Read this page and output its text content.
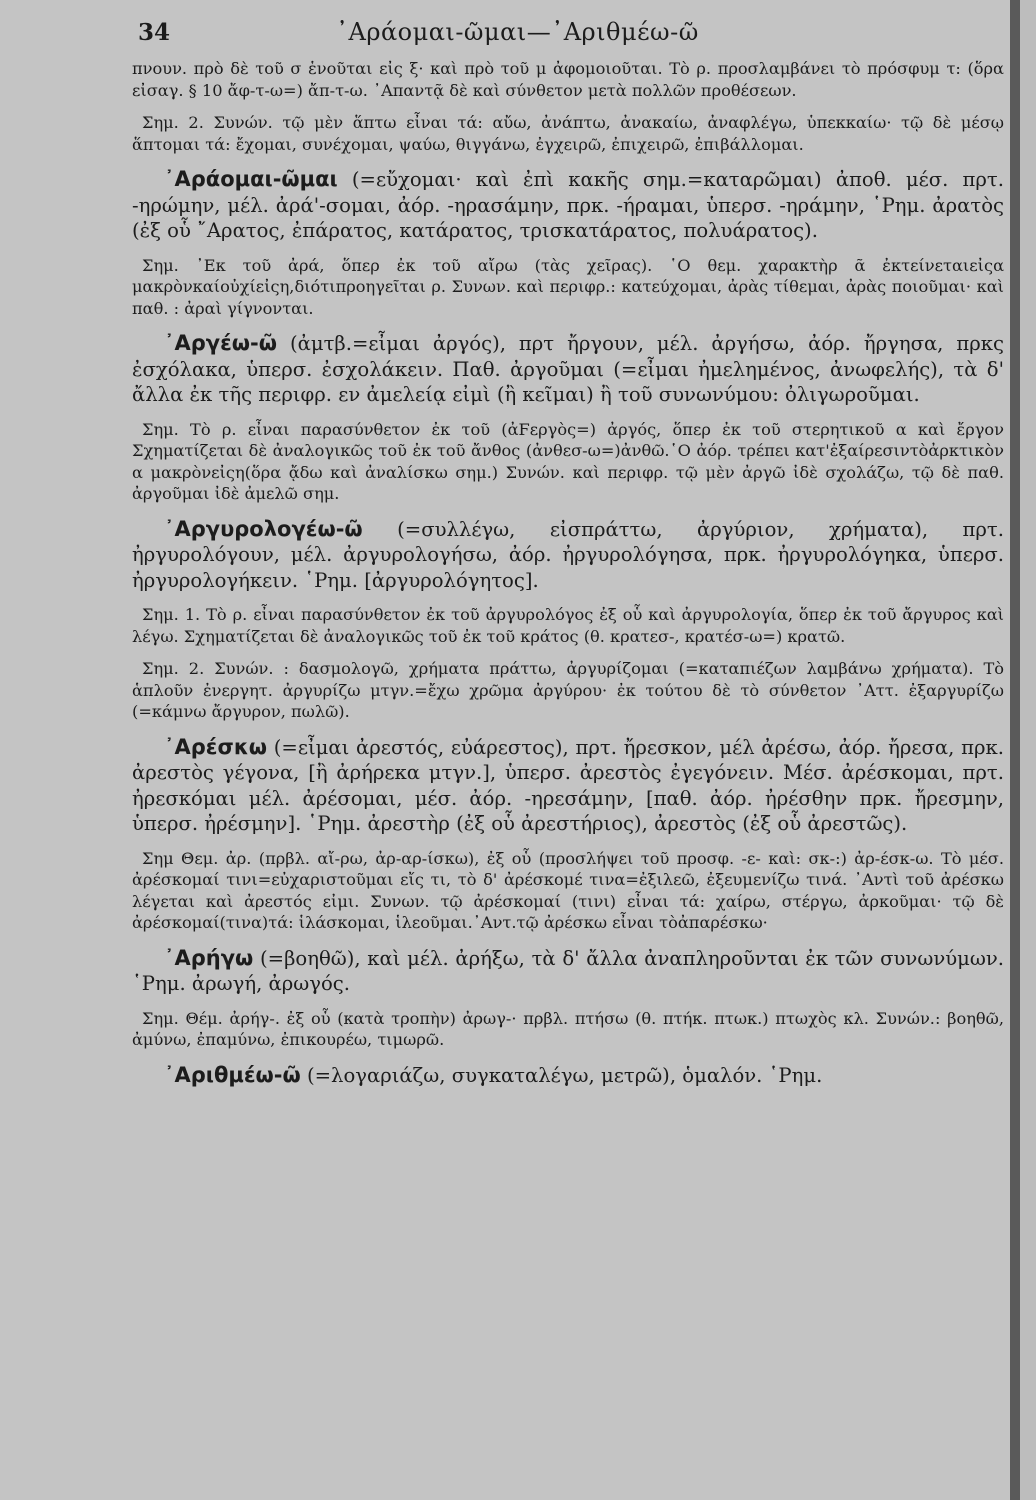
34	᾿Αράομαι-ῶμαι—᾿Αριθμέω-ῶ

πνουν. πρὸ δὲ τοῦ σ ἑνοῦται εἰς ξ· καὶ πρὸ τοῦ μ ἀφομοιοῦται. Τὸ ρ. προσλαμβάνει τὸ πρόσφυμ τ: (ὅρα εἰσαγ. § 10 ἄφ-τ-ω=) ἄπ-τ-ω. ᾿Απαντᾷ δὲ καὶ σύνθετον μετὰ πολλῶν προθέσεων.

Σημ. 2. Συνών. τῷ μὲν ἅπτω εἶναι τά: αὔω, ἀνάπτω, ἀνακαίω, ἀναφλέγω, ὑπεκκαίω· τῷ δὲ μέσῳ ἅπτομαι τά: ἔχομαι, συνέχομαι, ψαύω, θιγγάνω, ἐγχειρῶ, ἐπιχειρῶ, ἐπιβάλλομαι.

᾿Αράομαι-ῶμαι (=εὔχομαι· καὶ ἐπὶ κακῆς σημ.=καταρῶμαι) ἀποθ. μέσ. πρτ. -ηρώμην, μέλ. ἀρά'-σομαι, ἀόρ. -ηρασάμην, πρκ. -ήραμαι, ὑπερσ. -ηράμην, ῾Ρημ. ἀρατὸς (ἐξ οὗ ῎Αρατος, ἐπάρατος, κατάρατος, τρισκατάρατος, πολυάρατος).

Σημ. ᾿Εκ τοῦ ἀρά, ὅπερ ἐκ τοῦ αἴρω (τὰς χεῖρας). ῾Ο θεμ. χαρακτὴρ ᾶ ἐκτείνεταιεἰςα μακρὸνκαίοὐχίεἰςη,διότιπροηγεῖται ρ. Συνων. καὶ περιφρ.: κατεύχομαι, ἀρὰς τίθεμαι, ἀρὰς ποιοῦμαι· καὶ παθ. : ἀραὶ γίγνονται.

᾿Αργέω-ῶ (ἀμτβ.=εἶμαι ἀργός), πρτ ἤργουν, μέλ. ἀργήσω, ἀόρ. ἤργησα, πρκς ἐσχόλακα, ὑπερσ. ἐσχολάκειν. Παθ. ἀργοῦμαι (=εἶμαι ἠμελημένος, ἀνωφελής), τὰ δ' ἄλλα ἐκ τῆς περιφρ. εν ἀμελείᾳ εἰμὶ (ἢ κεῖμαι) ἢ τοῦ συνωνύμου: ὀλιγωροῦμαι.

Σημ. Τὸ ρ. εἶναι παρασύνθετον ἐκ τοῦ (ἀϜεργὸς=) ἀργός, ὅπερ ἐκ τοῦ στερητικοῦ α καὶ ἔργον Σχηματίζεται δὲ ἀναλογικῶς τοῦ ἐκ τοῦ ἄνθος (ἀνθεσ-ω=)ἀνθῶ.῾Ο ἀόρ. τρέπει κατ'ἐξαίρεσιντὸἀρκτικὸν α μακρὸνεἰςη(ὅρα ᾄδω καὶ ἀναλίσκω σημ.) Συνών. καὶ περιφρ. τῷ μὲν ἀργῶ ἰδὲ σχολάζω, τῷ δὲ παθ. ἀργοῦμαι ἰδὲ ἀμελῶ σημ.

᾿Αργυρολογέω-ῶ (=συλλέγω, εἰσπράττω, ἀργύριον, χρήματα), πρτ. ἠργυρολόγουν, μέλ. ἀργυρολογήσω, ἀόρ. ἠργυρολόγησα, πρκ. ἠργυρολόγηκα, ὑπερσ. ἠργυρολογήκειν. ῾Ρημ. [ἀργυρολόγητος].

Σημ. 1. Τὸ ρ. εἶναι παρασύνθετον ἐκ τοῦ ἀργυρολόγος ἐξ οὗ καὶ ἀργυρολογία, ὅπερ ἐκ τοῦ ἄργυρος καὶ λέγω. Σχηματίζεται δὲ ἀναλογικῶς τοῦ ἐκ τοῦ κράτος (θ. κρατεσ-, κρατέσ-ω=) κρατῶ.

Σημ. 2. Συνών. : δασμολογῶ, χρήματα πράττω, ἀργυρίζομαι (=καταπιέζων λαμβάνω χρήματα). Τὸ ἁπλοῦν ἐνεργητ. ἀργυρίζω μτγν.=ἔχω χρῶμα ἀργύρου· ἐκ τούτου δὲ τὸ σύνθετον ᾿Αττ. ἐξαργυρίζω (=κάμνω ἄργυρον, πωλῶ).

᾿Αρέσκω (=εἶμαι ἀρεστός, εὐάρεστος), πρτ. ἤρεσκον, μέλ ἀρέσω, ἀόρ. ἤρεσα, πρκ. ἀρεστὸς γέγονα, [ἢ ἀρήρεκα μτγν.], ὑπερσ. ἀρεστὸς ἐγεγόνειν. Μέσ. ἀρέσκομαι, πρτ. ἠρεσκόμαι μέλ. ἀρέσομαι, μέσ. ἀόρ. -ηρεσάμην, [παθ. ἀόρ. ἠρέσθην πρκ. ἤρεσμην, ὑπερσ. ἠρέσμην]. ῾Ρημ. ἀρεστὴρ (ἐξ οὗ ἀρεστήριος), ἀρεστὸς (ἐξ οὗ ἀρεστῶς).

Σημ Θεμ. ἀρ. (πρβλ. αἴ-ρω, ἀρ-αρ-ίσκω), ἐξ οὗ (προσλήψει τοῦ προσφ. -ε- καὶ: σκ-:) ἀρ-έσκ-ω. Τὸ μέσ. ἀρέσκομαί τινι=εὐχαριστοῦμαι εἴς τι, τὸ δ' ἀρέσκομέ τινα=ἐξιλεῶ, ἐξευμενίζω τινά. ᾿Αντὶ τοῦ ἀρέσκω λέγεται καὶ ἀρεστός εἰμι. Συνων. τῷ ἀρέσκομαί (τινι) εἶναι τά: χαίρω, στέργω, ἀρκοῦμαι· τῷ δὲ ἀρέσκομαί(τινα)τά: ἱλάσκομαι, ἱλεοῦμαι.᾿Αντ.τῷ ἀρέσκω εἶναι τὸἀπαρέσκω·

᾿Αρήγω (=βοηθῶ), καὶ μέλ. ἀρήξω, τὰ δ' ἄλλα ἀναπληροῦνται ἐκ τῶν συνωνύμων. ῾Ρημ. ἀρωγή, ἀρωγός.

Σημ. Θέμ. ἀρήγ-. ἐξ οὗ (κατὰ τροπὴν) ἀρωγ-· πρβλ. πτήσω (θ. πτήκ. πτωκ.) πτωχὸς κλ. Συνών.: βοηθῶ, ἀμύνω, ἐπαμύνω, ἐπικουρέω, τιμωρῶ.

᾿Αριθμέω-ῶ (=λογαριάζω, συγκαταλέγω, μετρῶ), ὁμαλόν. ῾Ρημ.
